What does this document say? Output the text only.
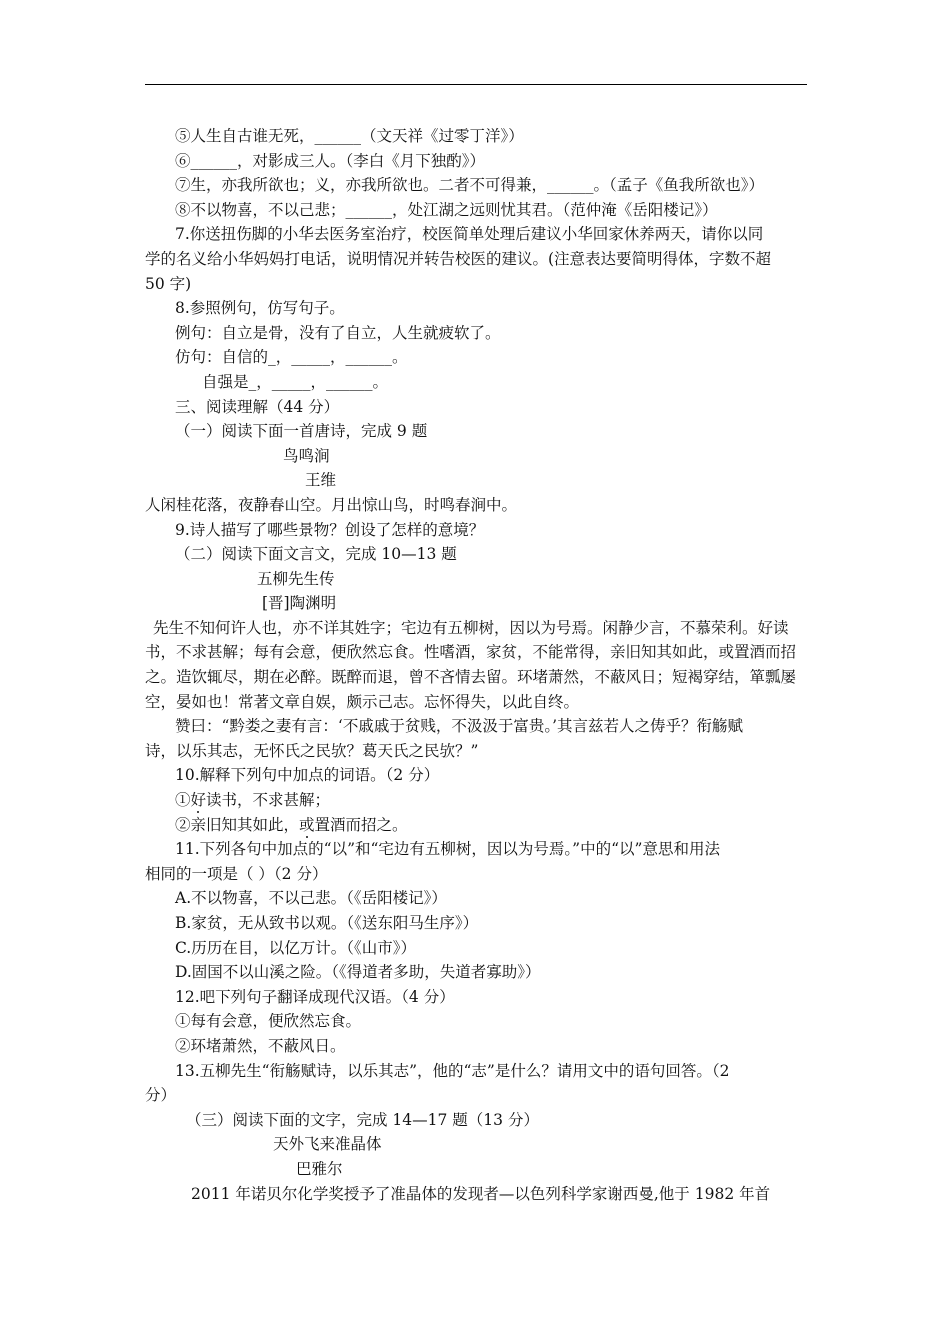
⑤人生自古谁无死，______（文天祥《过零丁洋》）
⑥______，对影成三人。（李白《月下独酌》）
⑦生，亦我所欲也；义，亦我所欲也。二者不可得兼，______。（孟子《鱼我所欲也》）
⑧不以物喜，不以己悲；______，处江湖之远则忧其君。（范仲淹《岳阳楼记》）
7.你送扭伤脚的小华去医务室治疗，校医简单处理后建议小华回家休养两天，请你以同
学的名义给小华妈妈打电话，说明情况并转告校医的建议。(注意表达要简明得体，字数不超
50 字)
8.参照例句，仿写句子。
例句：自立是骨，没有了自立，人生就疲软了。
仿句：自信的_，_____，______。
自强是_，_____，______。
三、阅读理解（44 分）
（一）阅读下面一首唐诗，完成 9 题
鸟鸣涧
王维
人闲桂花落，夜静春山空。月出惊山鸟，时鸣春涧中。
9.诗人描写了哪些景物？创设了怎样的意境？
（二）阅读下面文言文，完成 10—13 题
五柳先生传
[晋]陶渊明
先生不知何许人也，亦不详其姓字；宅边有五柳树，因以为号焉。闲静少言，不慕荣利。好读
书，不求甚解；每有会意，便欣然忘食。性嗜酒，家贫，不能常得，亲旧知其如此，或置酒而招
之。造饮辄尽，期在必醉。既醉而退，曾不吝情去留。环堵萧然，不蔽风日；短褐穿结，箪瓢屡
空，晏如也！常著文章自娱，颇示己志。忘怀得失，以此自终。
赞曰：“黔娄之妻有言：‘不戚戚于贫贱，不汲汲于富贵。’其言兹若人之俦乎？衔觞赋
诗，以乐其志，无怀氏之民欤？葛天氏之民欤？”
10.解释下列句中加点的词语。（2 分）
①好读书，不求甚解；
②亲旧知其如此，或置酒而招之。
11.下列各句中加点的“以”和“宅边有五柳树，因以为号焉。”中的“以”意思和用法
相同的一项是（ ）（2 分）
A.不以物喜，不以己悲。（《岳阳楼记》）
B.家贫，无从致书以观。（《送东阳马生序》）
C.历历在目，以亿万计。（《山市》）
D.固国不以山溪之险。（《得道者多助，失道者寡助》）
12.吧下列句子翻译成现代汉语。（4 分）
①每有会意，便欣然忘食。
②环堵萧然，不蔽风日。
13.五柳先生“衔觞赋诗，以乐其志”，他的“志”是什么？请用文中的语句回答。（2
分）
（三）阅读下面的文字，完成 14—17 题（13 分）
天外飞来准晶体
巴雅尔
2011 年诺贝尔化学奖授予了准晶体的发现者—以色列科学家谢西曼,他于 1982 年首
